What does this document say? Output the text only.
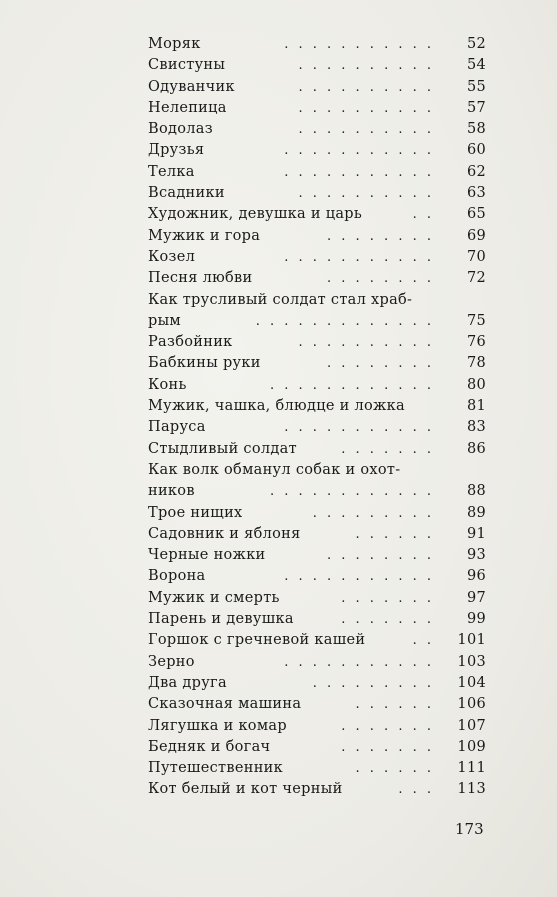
Моряк	. . . . . . . . . . . 52
Свистуны	. . . . . . . . . . 54
Одуванчик	. . . . . . . . . . 55
Нелепица	. . . . . . . . . . 57
Водолаз	. . . . . . . . . . 58
Друзья	. . . . . . . . . . . 60
Телка	. . . . . . . . . . . 62
Всадники	. . . . . . . . . . 63
Художник, девушка и царь	. . 65
Мужик и гора	. . . . . . . . 69
Козел	. . . . . . . . . . . 70
Песня любви	. . . . . . . . 72
Как трусливый солдат стал храб-
рым	. . . . . . . . . . . . . 75
Разбойник	. . . . . . . . . . 76
Бабкины руки	. . . . . . . . 78
Конь	. . . . . . . . . . . . 80
Мужик, чашка, блюдце и ложка	81
Паруса	. . . . . . . . . . . 83
Стыдливый солдат	. . . . . . . 86
Как волк обманул собак и охот-
ников	. . . . . . . . . . . . 88
Трое нищих	. . . . . . . . . 89
Садовник и яблоня	. . . . . . 91
Черные ножки	. . . . . . . . 93
Ворона	. . . . . . . . . . . 96
Мужик и смерть	. . . . . . . 97
Парень и девушка	. . . . . . . 99
Горшок с гречневой кашей	. . 101
Зерно	. . . . . . . . . . . 103
Два друга	. . . . . . . . . 104
Сказочная машина	. . . . . . 106
Лягушка и комар	. . . . . . . 107
Бедняк и богач	. . . . . . . 109
Путешественник	. . . . . . 111
Кот белый и кот черный	. . . 113
173
